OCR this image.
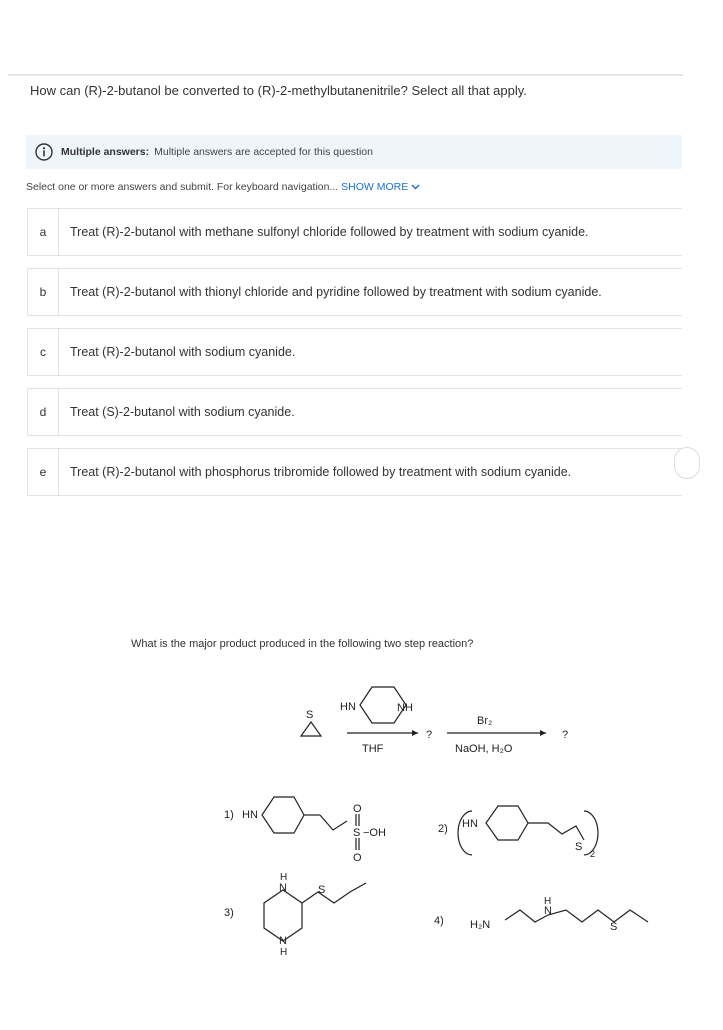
How can (R)-2-butanol be converted to (R)-2-methylbutanenitrile? Select all that apply.
Multiple answers: Multiple answers are accepted for this question
Select one or more answers and submit. For keyboard navigation... SHOW MORE
a	Treat (R)-2-butanol with methane sulfonyl chloride followed by treatment with sodium cyanide.
b	Treat (R)-2-butanol with thionyl chloride and pyridine followed by treatment with sodium cyanide.
c	Treat (R)-2-butanol with sodium cyanide.
d	Treat (S)-2-butanol with sodium cyanide.
e	Treat (R)-2-butanol with phosphorus tribromide followed by treatment with sodium cyanide.
What is the major product produced in the following two step reaction?
S
HN	NH
THF
?
Br₂
NaOH, H₂O
?
1) HN	O
S −OH
O
2) HN
S
2
3)
H
N	S
N
H
4) H₂N
H
N
S
